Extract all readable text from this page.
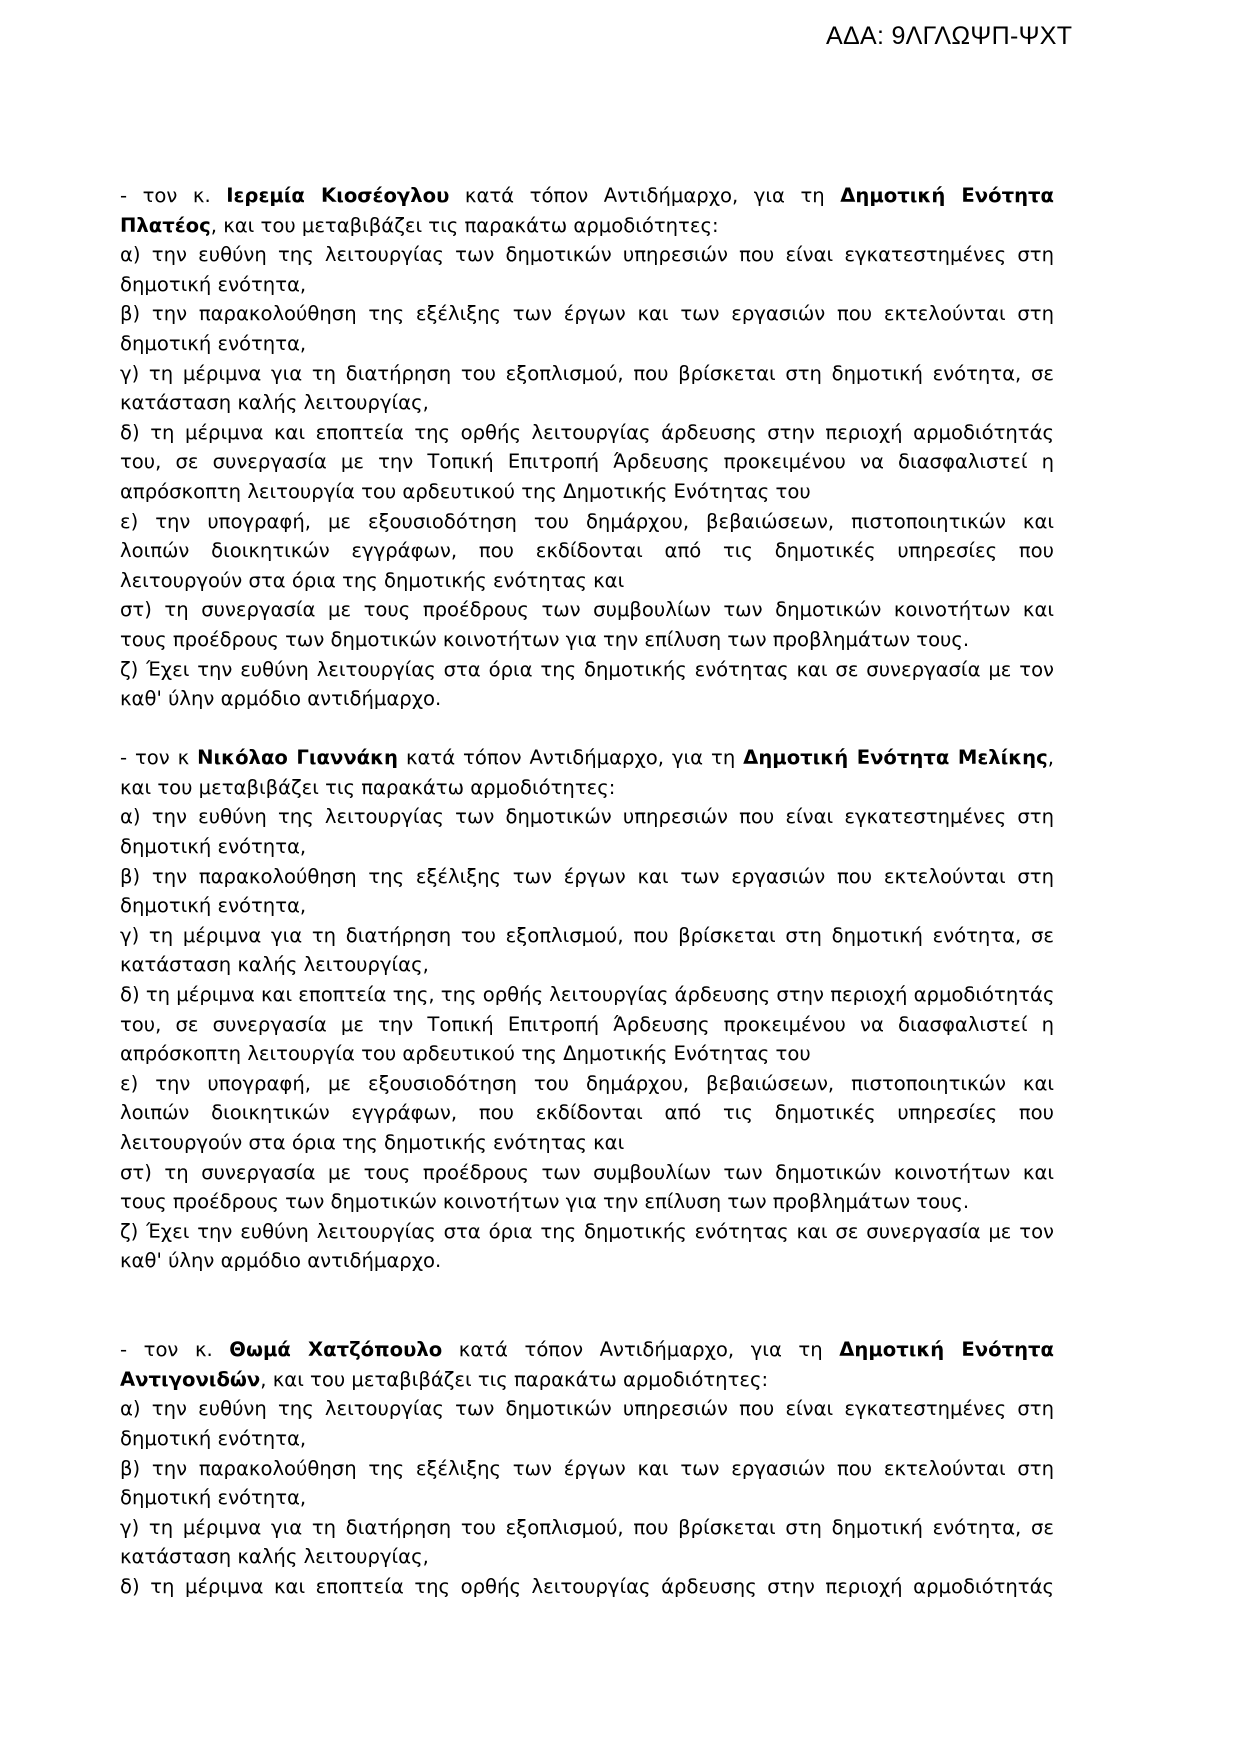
ΑΔΑ: 9ΛΓΛΩΨΠ-ΨΧΤ
- τον κ. Ιερεμία Κιοσέογλου κατά τόπον Αντιδήμαρχο, για τη Δημοτική Ενότητα
Πλατέος, και του μεταβιβάζει τις παρακάτω αρμοδιότητες:
α) την ευθύνη της λειτουργίας των δημοτικών υπηρεσιών που είναι εγκατεστημένες στη
δημοτική ενότητα,
β) την παρακολούθηση της εξέλιξης των έργων και των εργασιών που εκτελούνται στη
δημοτική ενότητα,
γ) τη μέριμνα για τη διατήρηση του εξοπλισμού, που βρίσκεται στη δημοτική ενότητα, σε
κατάσταση καλής λειτουργίας,
δ) τη μέριμνα και εποπτεία της ορθής λειτουργίας άρδευσης στην περιοχή αρμοδιότητάς
του, σε συνεργασία με την Τοπική Επιτροπή Άρδευσης προκειμένου να διασφαλιστεί η
απρόσκοπτη λειτουργία του αρδευτικού της Δημοτικής Ενότητας του
ε) την υπογραφή, με εξουσιοδότηση του δημάρχου, βεβαιώσεων, πιστοποιητικών και
λοιπών διοικητικών εγγράφων, που εκδίδονται από τις δημοτικές υπηρεσίες που
λειτουργούν στα όρια της δημοτικής ενότητας και
στ) τη συνεργασία με τους προέδρους των συμβουλίων των δημοτικών κοινοτήτων και
τους προέδρους των δημοτικών κοινοτήτων για την επίλυση των προβλημάτων τους.
ζ) Έχει την ευθύνη λειτουργίας στα όρια της δημοτικής ενότητας και σε συνεργασία με τον
καθ' ύλην αρμόδιο αντιδήμαρχο.
- τον κ Νικόλαο Γιαννάκη κατά τόπον Αντιδήμαρχο, για τη Δημοτική Ενότητα Μελίκης,
και του μεταβιβάζει τις παρακάτω αρμοδιότητες:
α) την ευθύνη της λειτουργίας των δημοτικών υπηρεσιών που είναι εγκατεστημένες στη
δημοτική ενότητα,
β) την παρακολούθηση της εξέλιξης των έργων και των εργασιών που εκτελούνται στη
δημοτική ενότητα,
γ) τη μέριμνα για τη διατήρηση του εξοπλισμού, που βρίσκεται στη δημοτική ενότητα, σε
κατάσταση καλής λειτουργίας,
δ) τη μέριμνα και εποπτεία της, της ορθής λειτουργίας άρδευσης στην περιοχή αρμοδιότητάς
του, σε συνεργασία με την Τοπική Επιτροπή Άρδευσης προκειμένου να διασφαλιστεί η
απρόσκοπτη λειτουργία του αρδευτικού της Δημοτικής Ενότητας του
ε) την υπογραφή, με εξουσιοδότηση του δημάρχου, βεβαιώσεων, πιστοποιητικών και
λοιπών διοικητικών εγγράφων, που εκδίδονται από τις δημοτικές υπηρεσίες που
λειτουργούν στα όρια της δημοτικής ενότητας και
στ) τη συνεργασία με τους προέδρους των συμβουλίων των δημοτικών κοινοτήτων και
τους προέδρους των δημοτικών κοινοτήτων για την επίλυση των προβλημάτων τους.
ζ) Έχει την ευθύνη λειτουργίας στα όρια της δημοτικής ενότητας και σε συνεργασία με τον
καθ' ύλην αρμόδιο αντιδήμαρχο.
- τον κ. Θωμά Χατζόπουλο κατά τόπον Αντιδήμαρχο, για τη Δημοτική Ενότητα
Αντιγονιδών, και του μεταβιβάζει τις παρακάτω αρμοδιότητες:
α) την ευθύνη της λειτουργίας των δημοτικών υπηρεσιών που είναι εγκατεστημένες στη
δημοτική ενότητα,
β) την παρακολούθηση της εξέλιξης των έργων και των εργασιών που εκτελούνται στη
δημοτική ενότητα,
γ) τη μέριμνα για τη διατήρηση του εξοπλισμού, που βρίσκεται στη δημοτική ενότητα, σε
κατάσταση καλής λειτουργίας,
δ) τη μέριμνα και εποπτεία της ορθής λειτουργίας άρδευσης στην περιοχή αρμοδιότητάς
